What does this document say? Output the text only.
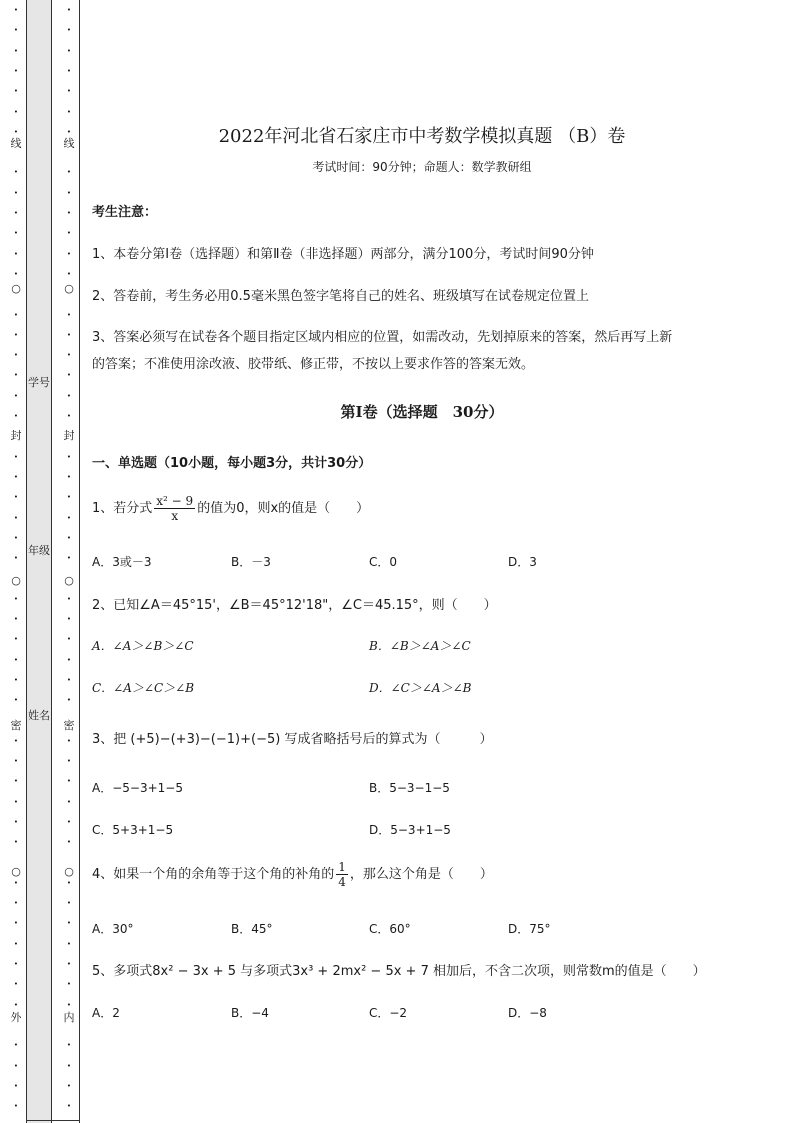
•
•
•
•
•
•
•
•
•
•
•
•
•
•
•
•
•
•
•
•
•
•
•
•
•
•
•
•
•
•
•
•
•
•
•
•
•
•
•
•
•
•
•
•
•
•
•
•
线
○
封
○
密
○
外
•
•
•
•
•
•
•
•
•
•
•
•
•
•
•
•
•
•
•
•
•
•
•
•
•
•
•
•
•
•
•
•
•
•
•
•
•
•
•
•
•
•
•
•
•
•
•
•
线
○
封
○
密
○
内
学号
年级
姓名
2022年河北省石家庄市中考数学模拟真题 （B）卷
考试时间：90分钟；命题人：数学教研组
考生注意：
1、本卷分第I卷（选择题）和第Ⅱ卷（非选择题）两部分，满分100分，考试时间90分钟
2、答卷前，考生务必用0.5毫米黑色签字笔将自己的姓名、班级填写在试卷规定位置上
3、答案必须写在试卷各个题目指定区域内相应的位置，如需改动，先划掉原来的答案，然后再写上新
的答案；不准使用涂改液、胶带纸、修正带，不按以上要求作答的答案无效。
第I卷（选择题　30分）
一、单选题（10小题，每小题3分，共计30分）
1、若分式 $\frac{\text{x² − 9}}{x}$ 的值为0，则x的值是（　　）
A．3或－3	B．－3	C．0	D．3
2、已知∠A＝45°15'，∠B＝45°12'18"，∠C＝45.15°，则（　　）
A．∠A＞∠B＞∠C	B．∠B＞∠A＞∠C
C．∠A＞∠C＞∠B	D．∠C＞∠A＞∠B
3、把 (+5)−(+3)−(−1)+(−5) 写成省略括号后的算式为（　　　）
A．−5−3+1−5	B．5−3−1−5
C．5+3+1−5	D．5−3+1−5
4、如果一个角的余角等于这个角的补角的 $\frac{1}{4}$ ，那么这个角是（　　）
A．30°	B．45°	C．60°	D．75°
5、多项式8x² − 3x + 5 与多项式3x³ + 2mx² − 5x + 7 相加后，不含二次项，则常数m的值是（　　）
A．2	B．−4	C．−2	D．−8
